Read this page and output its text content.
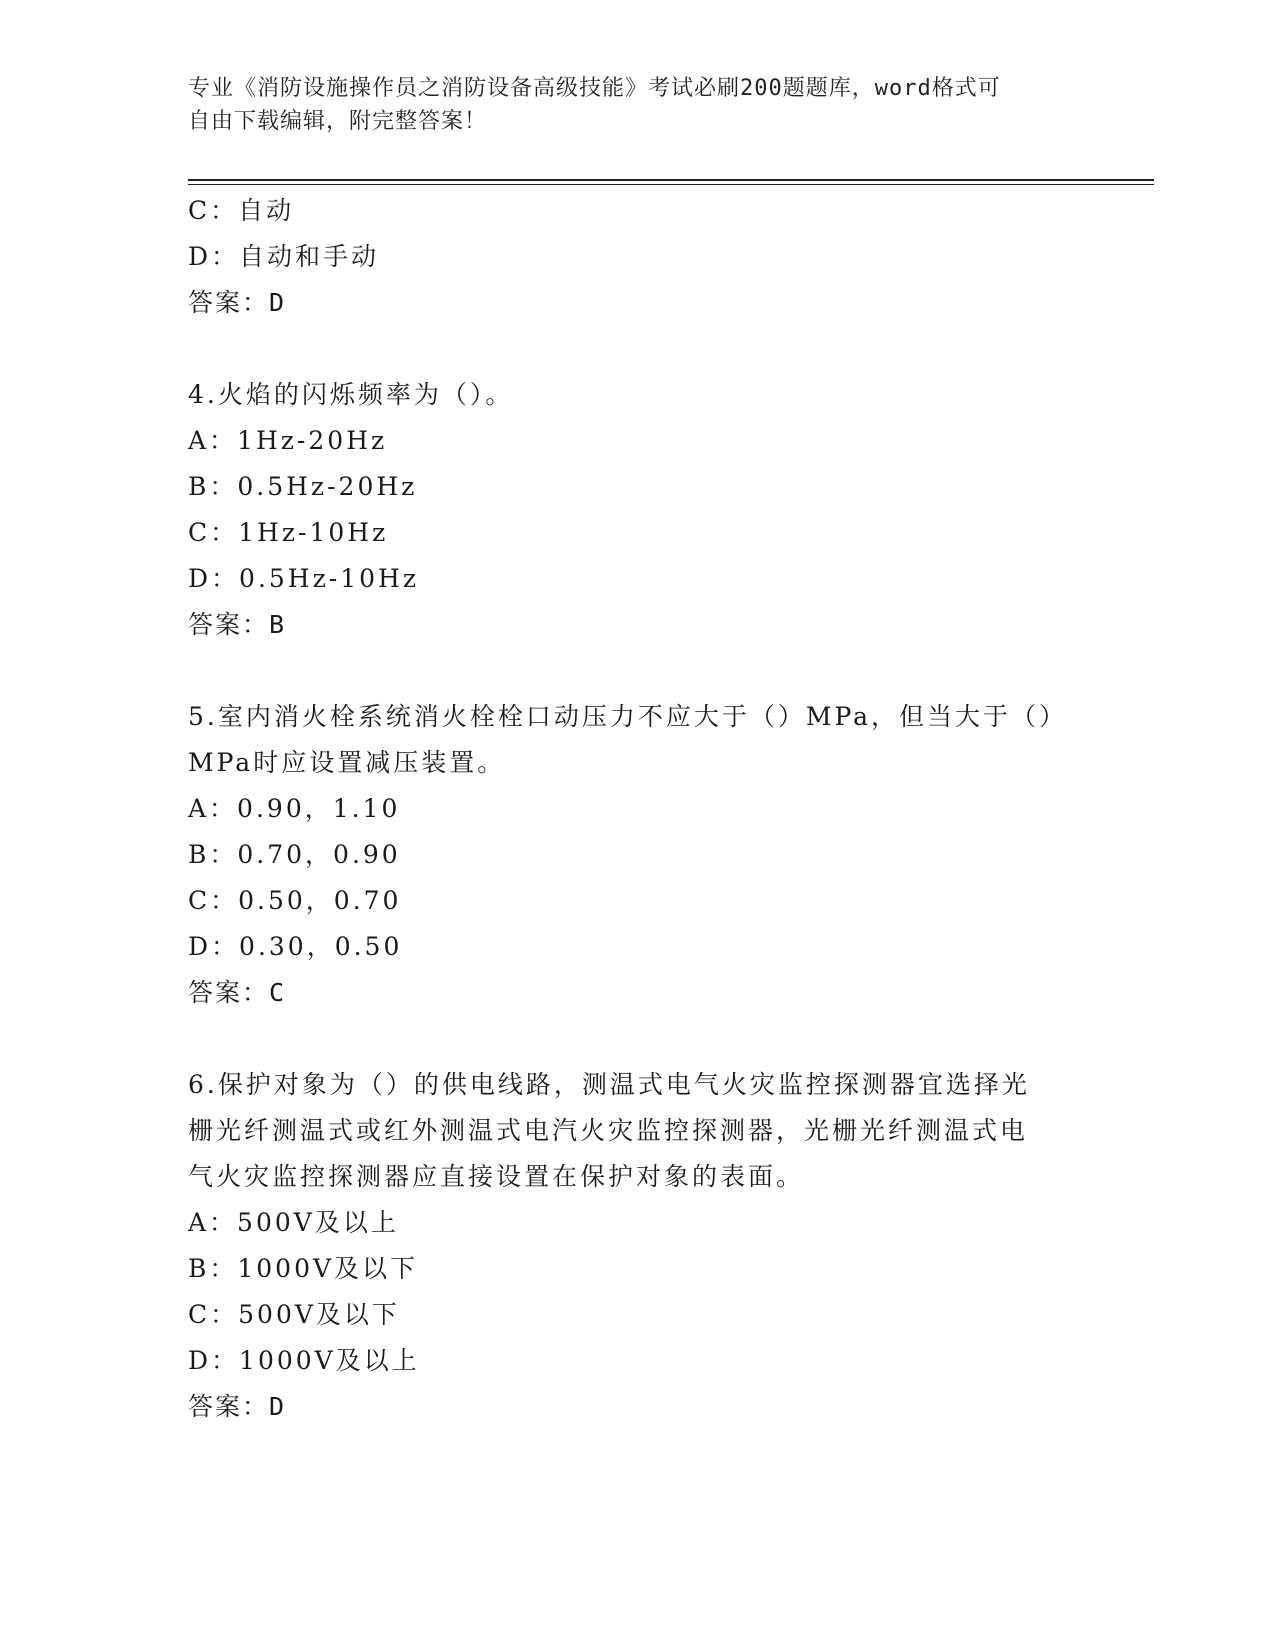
专业《消防设施操作员之消防设备高级技能》考试必刷200题题库，word格式可
自由下载编辑，附完整答案！
C：自动
D：自动和手动
答案：D
4.火焰的闪烁频率为（）。
A：1Hz-20Hz
B：0.5Hz-20Hz
C：1Hz-10Hz
D：0.5Hz-10Hz
答案：B
5.室内消火栓系统消火栓栓口动压力不应大于（）MPa，但当大于（）
MPa时应设置减压装置。
A：0.90，1.10
B：0.70，0.90
C：0.50，0.70
D：0.30，0.50
答案：C
6.保护对象为（）的供电线路，测温式电气火灾监控探测器宜选择光
栅光纤测温式或红外测温式电汽火灾监控探测器，光栅光纤测温式电
气火灾监控探测器应直接设置在保护对象的表面。
A：500V及以上
B：1000V及以下
C：500V及以下
D：1000V及以上
答案：D
